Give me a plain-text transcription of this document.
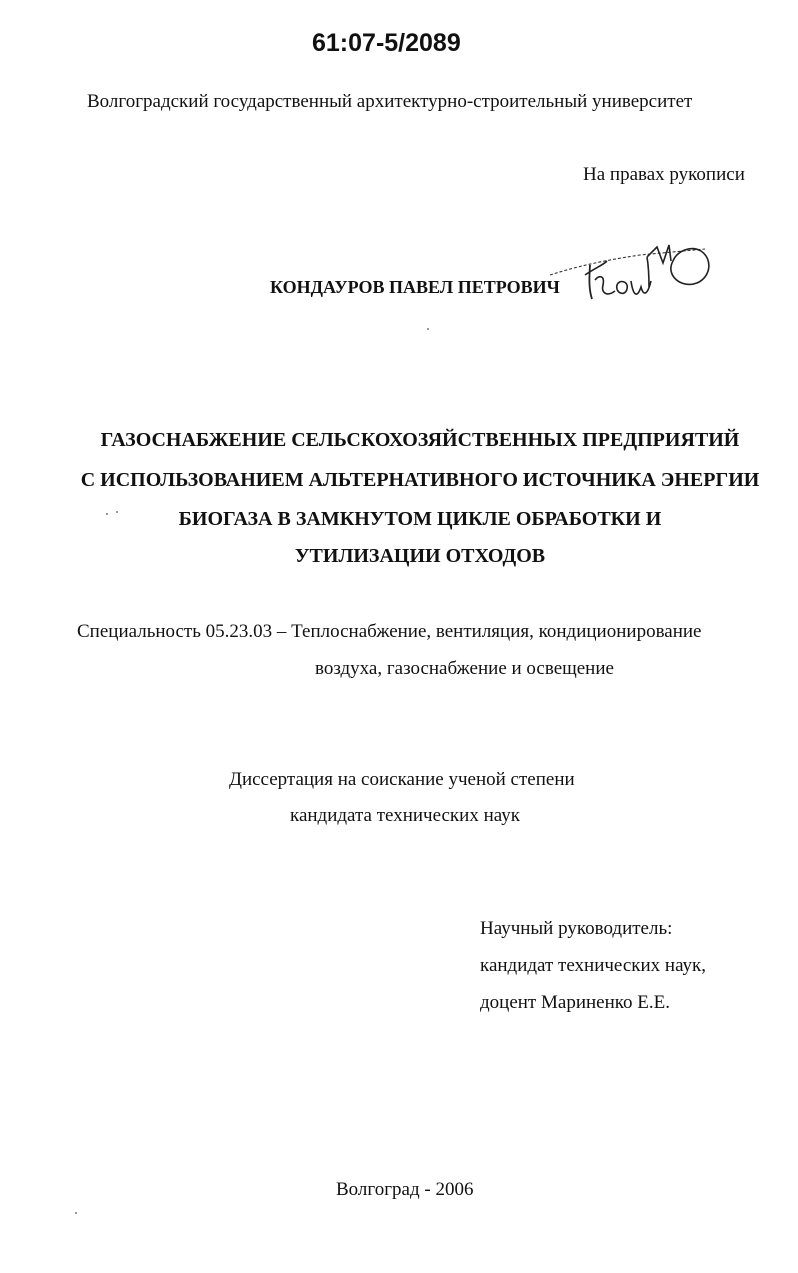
61:07-5/2089
Волгоградский государственный архитектурно-строительный университет
На правах рукописи
КОНДАУРОВ ПАВЕЛ ПЕТРОВИЧ
ГАЗОСНАБЖЕНИЕ СЕЛЬСКОХОЗЯЙСТВЕННЫХ ПРЕДПРИЯТИЙ
С ИСПОЛЬЗОВАНИЕМ АЛЬТЕРНАТИВНОГО ИСТОЧНИКА ЭНЕРГИИ
БИОГАЗА В ЗАМКНУТОМ ЦИКЛЕ ОБРАБОТКИ И
УТИЛИЗАЦИИ ОТХОДОВ
Специальность 05.23.03 – Теплоснабжение, вентиляция, кондиционирование
воздуха, газоснабжение и освещение
Диссертация на соискание ученой степени
кандидата технических наук
Научный руководитель:
кандидат технических наук,
доцент Мариненко Е.Е.
Волгоград - 2006
